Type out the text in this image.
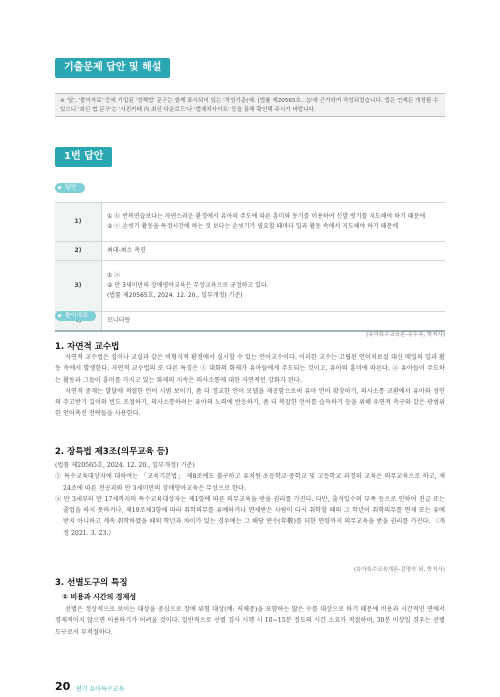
기출문제 답안 및 해설
※ '답', '풀이자료' 등에 기입된 '정책법' 문구는 함께 표시되어 있는 '작성기준(예: [법률 제20565호…])'에 근거하여 작성되었습니다. 법은 언제든 개정될 수 있으니 '최신 법 문구'는 '사진카페 內 최신 다운로드'나 '법제처사이트' 등을 통해 확인해 주시기 바랍니다.
1번 답안
답안
1)	① ⓑ 반복연습보다는 자연스러운 환경에서 유아의 주도에 따른 흥미와 동기를 이용하여 신발 벗기를 지도해야 하기 때문에
② ⓔ 손씻기 활동을 특정시간에 하는 것 보다는 손씻기가 필요할 때마다 일과 활동 속에서 지도해야 하기 때문에

2)	최대-최소 촉진
3)	① ⓐ
② 만 3세미만의 장애영아교육은 무상교육으로 규정하고 있다.
(법률 제20565호, 2024. 12. 20., 일부개정) 기준)

	모니터링
풀이자료
(유아특수교육론-유수옥, 학지사)
1. 자연적 교수법

자연적 교수법은 집이나 교실과 같은 비형식적 환경에서 실시할 수 있는 언어교수이다. 이러한 교수는 고립된 언어치료실 대신 매일의 일과 활동 속에서 발생한다. 자연적 교수법의 또 다른 특징은 ① 대화의 화제가 유아들에게 주도되는 것이고, 유아의 흥미에 따른다. ② 유아들이 주도하는 활동과 그들이 흥미를 가지고 있는 화제의 지속은 의사소통에 대한 자연적인 강화가 된다.

자연적 중재는 발달에 적절한 언어 시범 보이기, 좀 더 정교한 언어 모델을 제공함으로써 유아 언어 확장하기, 의사소통 교환에서 유아와 성인의 주고받기 길이와 빈도 조절하기, 의사소통하려는 유아의 노력에 반응하기, 좀 더 복잡한 언어를 습득하기 등을 위해 우연적 측구와 같은 광범위한 언어촉진 전략들을 사용한다.

2. 장특법 제3조(의무교육 등)

(법률 제20565호, 2024. 12. 20., 일부개정) 기준)

① 특수교육대상자에 대하여는 「교육기본법」 제8조에도 불구하고 유치원·초등학교·중학교 및 고등학교 과정의 교육은 의무교육으로 하고, 제24조에 따른 전공과와 만 3세미만의 장애영아교육은 무상으로 한다.

② 만 3세부터 만 17세까지의 특수교육대상자는 제1항에 따른 의무교육을 받을 권리를 가진다. 다만, 출석일수의 부족 등으로 인하여 진급 또는 졸업을 하지 못하거나, 제19조제3항에 따라 취학의무를 유예하거나 면제받은 사람이 다시 취학할 때의 그 학년이 취학의무를 면제 또는 유예 받지 아니하고 계속 취학하였을 때의 학년과 차이가 있는 경우에는 그 해당 연수(年數)를 더한 연령까지 의무교육을 받을 권리를 가진다. 〈개정 2021. 3. 23.〉

(유아특수교육개론-김영숙 외, 학지사)
3. 선별도구의 특징
① 비용과 시간의 경제성

선별은 정상적으로 보이는 대상을 중심으로 장애 위험 대상(예: 저체중)을 포함하는 많은 수를 대상으로 하기 때문에 비용과 시간적인 면에서 경제적이지 않으면 이용하기가 어려울 것이다. 일반적으로 선별 검사 시행 시 10~15분 정도의 시간 소요가 적절하며, 30분 이상일 경우는 선별도구로서 부적절하다.

20 편기 유아특수교육
